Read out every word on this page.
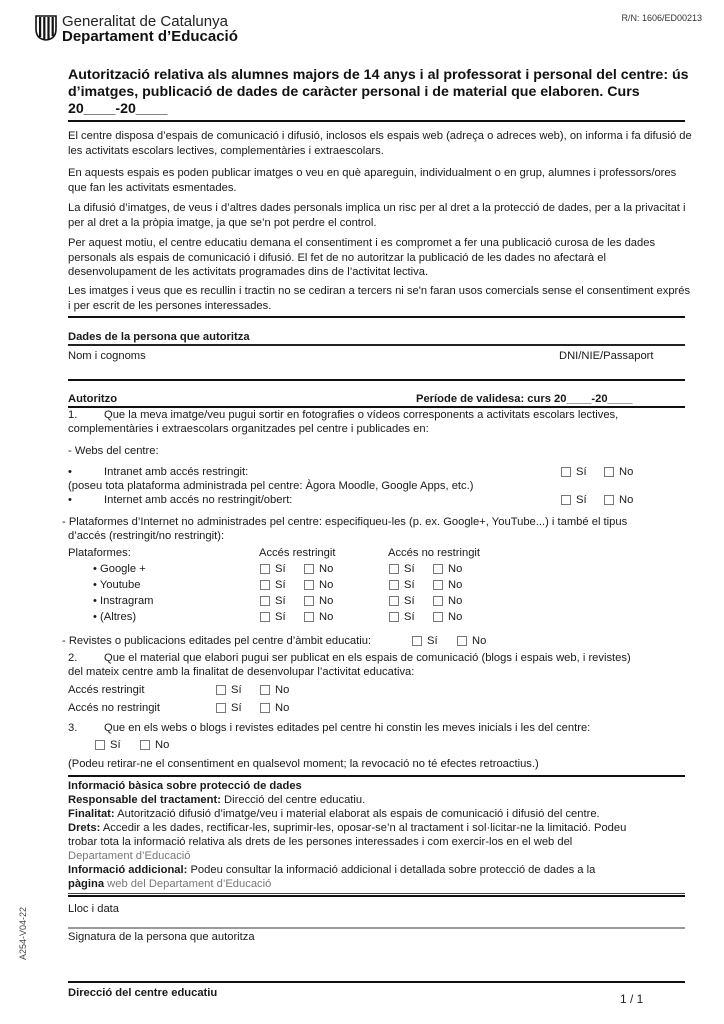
Generalitat de Catalunya
Departament d’Educació
R/N: 1606/ED00213
Autorització relativa als alumnes majors de 14 anys i al professorat i personal del centre: ús d’imatges, publicació de dades de caràcter personal i de material que elaboren. Curs 20____-20____
El centre disposa d’espais de comunicació i difusió, inclosos els espais web (adreça o adreces web), on informa i fa difusió de les activitats escolars lectives, complementàries i extraescolars.
En aquests espais es poden publicar imatges o veu en què apareguin, individualment o en grup, alumnes i professors/ores que fan les activitats esmentades.
La difusió d’imatges, de veus i d’altres dades personals implica un risc per al dret a la protecció de dades, per a la privacitat i per al dret a la pròpia imatge, ja que se’n pot perdre el control.
Per aquest motiu, el centre educatiu demana el consentiment i es compromet a fer una publicació curosa de les dades personals als espais de comunicació i difusió. El fet de no autoritzar la publicació de les dades no afectarà el desenvolupament de les activitats programades dins de l’activitat lectiva.
Les imatges i veus que es recullin i tractin no se cediran a tercers ni se'n faran usos comercials sense el consentiment exprés i per escrit de les persones interessades.
Dades de la persona que autoritza
Nom i cognoms	DNI/NIE/Passaport
Autoritzo	Període de validesa: curs 20____-20____
1. Que la meva imatge/veu pugui sortir en fotografies o vídeos corresponents a activitats escolars lectives,
complementàries i extraescolars organitzades pel centre i publicades en:
- Webs del centre:
•	Intranet amb accés restringit:	Sí	No
(poseu tota plataforma administrada pel centre: Àgora Moodle, Google Apps, etc.)
•	Internet amb accés no restringit/obert:	Sí	No
- Plataformes d’Internet no administrades pel centre: especifiqueu-les (p. ex. Google+, YouTube...) i també el tipus
d’accés (restringit/no restringit):
Plataformes:	Accés restringit	Accés no restringit
• Google +	Sí	No	Sí	No
• Youtube	Sí	No	Sí	No
• Instragram	Sí	No	Sí	No
• (Altres)	Sí	No	Sí	No
- Revistes o publicacions editades pel centre d’àmbit educatiu:	Sí	No
2. Que el material que elabori pugui ser publicat en els espais de comunicació (blogs i espais web, i revistes)
del mateix centre amb la finalitat de desenvolupar l’activitat educativa:
Accés restringit	Sí	No
Accés no restringit	Sí	No
3. Que en els webs o blogs i revistes editades pel centre hi constin les meves inicials i les del centre:
Sí	No
(Podeu retirar-ne el consentiment en qualsevol moment; la revocació no té efectes retroactius.)
Informació bàsica sobre protecció de dades
Responsable del tractament: Direcció del centre educatiu.
Finalitat: Autorització difusió d’imatge/veu i material elaborat als espais de comunicació i difusió del centre.
Drets: Accedir a les dades, rectificar-les, suprimir-les, oposar-se’n al tractament i sol·licitar-ne la limitació. Podeu
trobar tota la informació relativa als drets de les persones interessades i com exercir-los en el web del
Departament d’Educació
Informació addicional: Podeu consultar la informació addicional i detallada sobre protecció de dades a la
pàgina web del Departament d’Educació
Lloc i data
Signatura de la persona que autoritza
Direcció del centre educatiu
A254-V04-22
1 / 1
